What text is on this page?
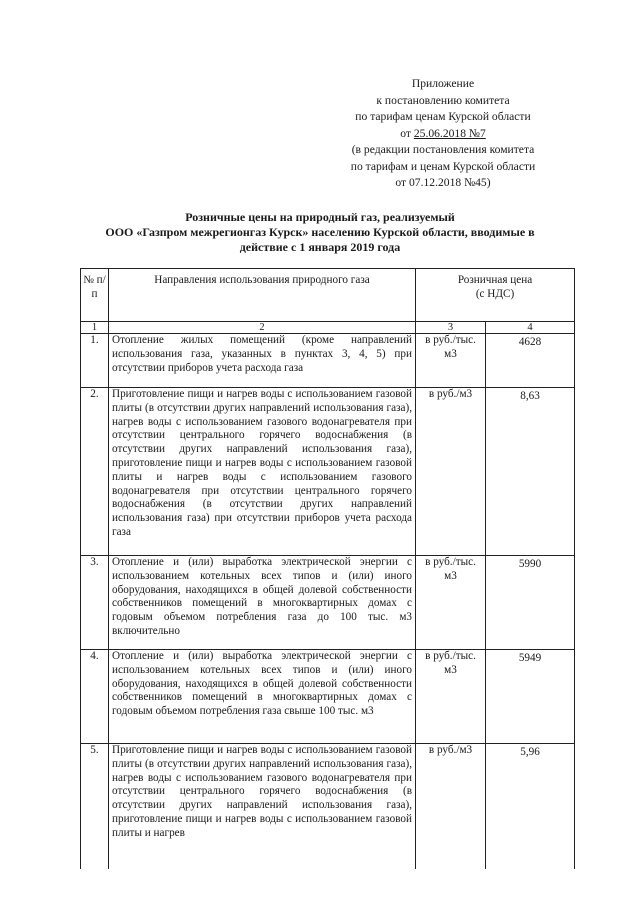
Приложение
к постановлению комитета
по тарифам ценам Курской области
от 25.06.2018 №7
(в редакции постановления комитета
по тарифам и ценам Курской области
от 07.12.2018 №45)
Розничные цены на природный газ, реализуемый
ООО «Газпром межрегионгаз Курск» населению Курской области, вводимые в
действие с 1 января 2019 года
№ п/п	Направления использования природного газа	Розничная цена (с НДС)	
1	2	3	4
1.	Отопление жилых помещений (кроме направлений использования газа, указанных в пунктах 3, 4, 5) при отсутствии приборов учета расхода газа	в руб./тыс. м3	4628

2.	Приготовление пищи и нагрев воды с использованием газовой плиты (в отсутствии других направлений использования газа), нагрев воды с использованием газового водонагревателя при отсутствии центрального горячего водоснабжения (в отсутствии других направлений использования газа), приготовление пищи и нагрев воды с использованием газовой плиты и нагрев воды с использованием газового водонагревателя при отсутствии центрального горячего водоснабжения (в отсутствии других направлений использования газа) при отсутствии приборов учета расхода газа	в руб./м3	8,63

3.	Отопление и (или) выработка электрической энергии с использованием котельных всех типов и (или) иного оборудования, находящихся в общей долевой собственности собственников помещений в многоквартирных домах с годовым объемом потребления газа до 100 тыс. м3 включительно	в руб./тыс. м3	5990

4.	Отопление и (или) выработка электрической энергии с использованием котельных всех типов и (или) иного оборудования, находящихся в общей долевой собственности собственников помещений в многоквартирных домах с годовым объемом потребления газа свыше 100 тыс. м3	в руб./тыс. м3	5949

5.	Приготовление пищи и нагрев воды с использованием газовой плиты (в отсутствии других направлений использования газа), нагрев воды с использованием газового водонагревателя при отсутствии центрального горячего водоснабжения (в отсутствии других направлений использования газа), приготовление пищи и нагрев воды с использованием газовой плиты и нагрев	в руб./м3	5,96
